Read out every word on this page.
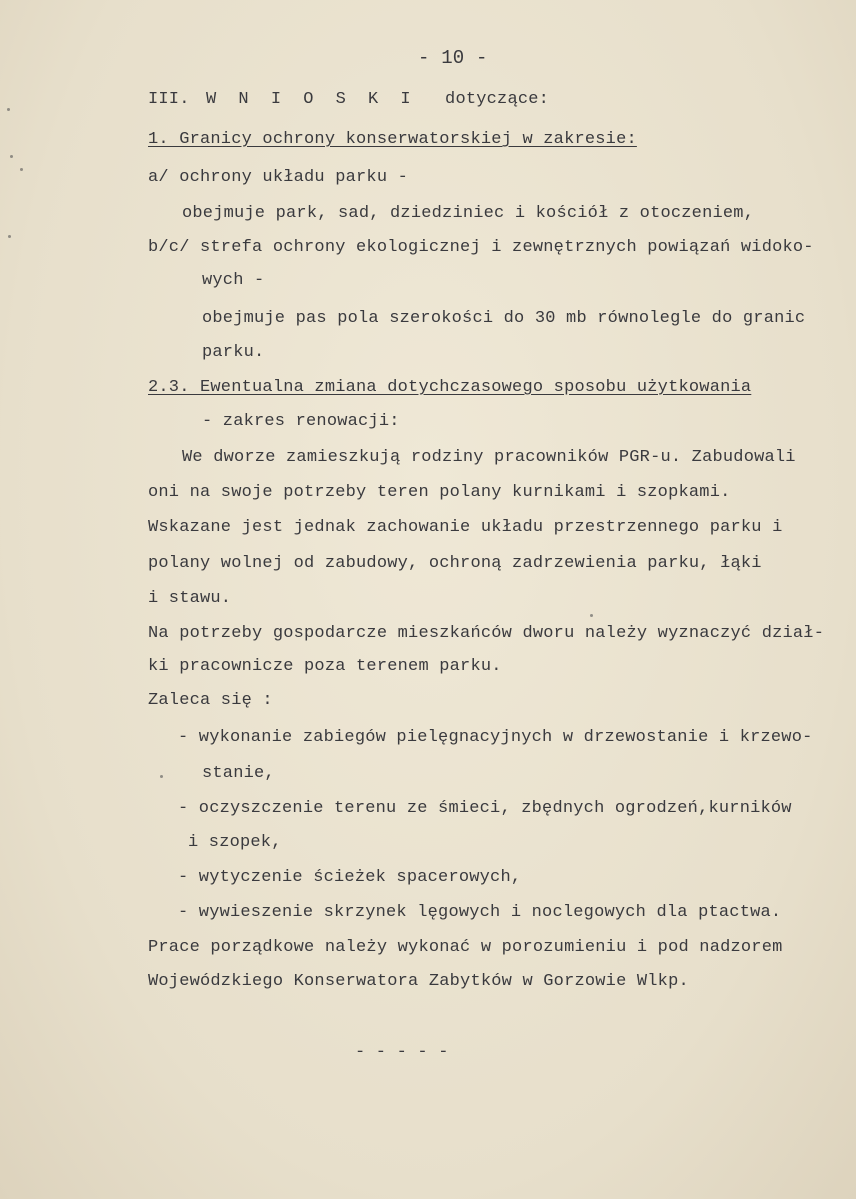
- 10 -
III. W N I O S K I dotyczące:
1. Granicy ochrony konserwatorskiej w zakresie:
a/ ochrony układu parku -
obejmuje park, sad, dziedziniec i kościół z otoczeniem,
b/c/ strefa ochrony ekologicznej i zewnętrznych powiązań widoko-
wych -
obejmuje pas pola szerokości do 30 mb równolegle do granic
parku.
2.3. Ewentualna zmiana dotychczasowego sposobu użytkowania
- zakres renowacji:
We dworze zamieszkują rodziny pracowników PGR-u. Zabudowali
oni na swoje potrzeby teren polany kurnikami i szopkami.
Wskazane jest jednak zachowanie układu przestrzennego parku i
polany wolnej od zabudowy, ochroną zadrzewienia parku, łąki
i stawu.
Na potrzeby gospodarcze mieszkańców dworu należy wyznaczyć dział-
ki pracownicze poza terenem parku.
Zaleca się :
- wykonanie zabiegów pielęgnacyjnych w drzewostanie i krzewo-
stanie,
- oczyszczenie terenu ze śmieci, zbędnych ogrodzeń,kurników
i szopek,
- wytyczenie ścieżek spacerowych,
- wywieszenie skrzynek lęgowych i noclegowych dla ptactwa.
Prace porządkowe należy wykonać w porozumieniu i pod nadzorem
Wojewódzkiego Konserwatora Zabytków w Gorzowie Wlkp.
- - - - -
